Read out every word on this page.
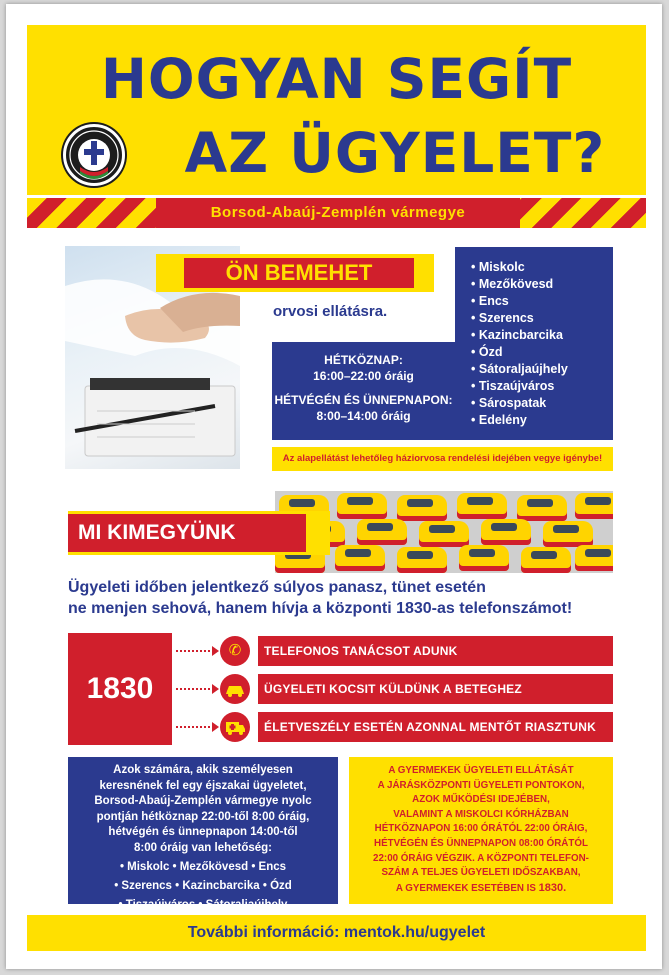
HOGYAN SEGÍT
AZ ÜGYELET?
Borsod-Abaúj-Zemplén vármegye
ÖN BEMEHET
orvosi ellátásra.
HÉTKÖZNAP:
16:00–22:00 óráig
HÉTVÉGÉN ÉS ÜNNEPNAPON:
8:00–14:00 óráig
• Miskolc
• Mezőkövesd
• Encs
• Szerencs
• Kazincbarcika
• Ózd
• Sátoraljaújhely
• Tiszaújváros
• Sárospatak
• Edelény
Az alapellátást lehetőleg háziorvosa rendelési idejében vegye igénybe!
MI KIMEGYÜNK
Ügyeleti időben jelentkező súlyos panasz, tünet esetén
ne menjen sehová, hanem hívja a központi 1830-as telefonszámot!
1830
✆	TELEFONOS TANÁCSOT ADUNK
ÜGYELETI KOCSIT KÜLDÜNK A BETEGHEZ
ÉLETVESZÉLY ESETÉN AZONNAL MENTŐT RIASZTUNK
Azok számára, akik személyesen
keresnének fel egy éjszakai ügyeletet,
Borsod-Abaúj-Zemplén vármegye nyolc
pontján hétköznap 22:00-től 8:00 óráig,
hétvégén és ünnepnapon 14:00-től
8:00 óráig van lehetőség:
• Miskolc • Mezőkövesd • Encs
• Szerencs • Kazincbarcika • Ózd
• Tiszaújváros • Sátoraljaújhely
A GYERMEKEK ÜGYELETI ELLÁTÁSÁT
A JÁRÁSKÖZPONTI ÜGYELETI PONTOKON,
AZOK MŰKÖDÉSI IDEJÉBEN,
VALAMINT A MISKOLCI KÓRHÁZBAN
HÉTKÖZNAPON 16:00 ÓRÁTÓL 22:00 ÓRÁIG,
HÉTVÉGÉN ÉS ÜNNEPNAPON 08:00 ÓRÁTÓL
22:00 ÓRÁIG VÉGZIK. A KÖZPONTI TELEFON-
SZÁM A TELJES ÜGYELETI IDŐSZAKBAN,
A GYERMEKEK ESETÉBEN IS 1830.
További információ: mentok.hu/ugyelet
